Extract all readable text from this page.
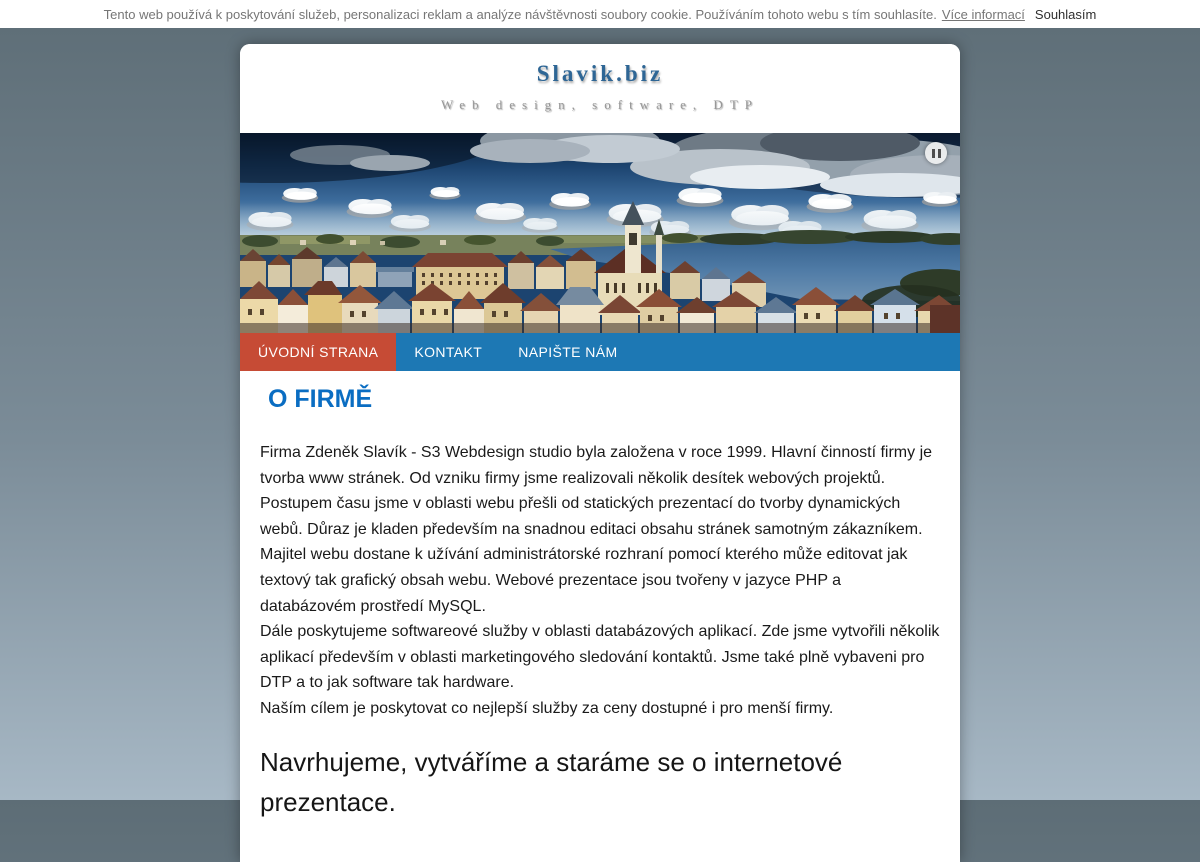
Tento web používá k poskytování služeb, personalizaci reklam a analýze návštěvnosti soubory cookie. Používáním tohoto webu s tím souhlasíte. Více informací Souhlasím
Slavik.biz
Web design, software, DTP
ÚVODNÍ STRANA	KONTAKT	NAPIŠTE NÁM
O FIRMĚ

Firma Zdeněk Slavík - S3 Webdesign studio byla založena v roce 1999. Hlavní činností firmy je tvorba www stránek. Od vzniku firmy jsme realizovali několik desítek webových projektů.

Postupem času jsme v oblasti webu přešli od statických prezentací do tvorby dynamických webů. Důraz je kladen především na snadnou editaci obsahu stránek samotným zákazníkem. Majitel webu dostane k užívání administrátorské rozhraní pomocí kterého může editovat jak textový tak grafický obsah webu. Webové prezentace jsou tvořeny v jazyce PHP a databázovém prostředí MySQL.

Dále poskytujeme softwareové služby v oblasti databázových aplikací. Zde jsme vytvořili několik aplikací především v oblasti marketingového sledování kontaktů. Jsme také plně vybaveni pro DTP a to jak software tak hardware.

Naším cílem je poskytovat co nejlepší služby za ceny dostupné i pro menší firmy.

Navrhujeme, vytváříme a staráme se o internetové prezentace.
